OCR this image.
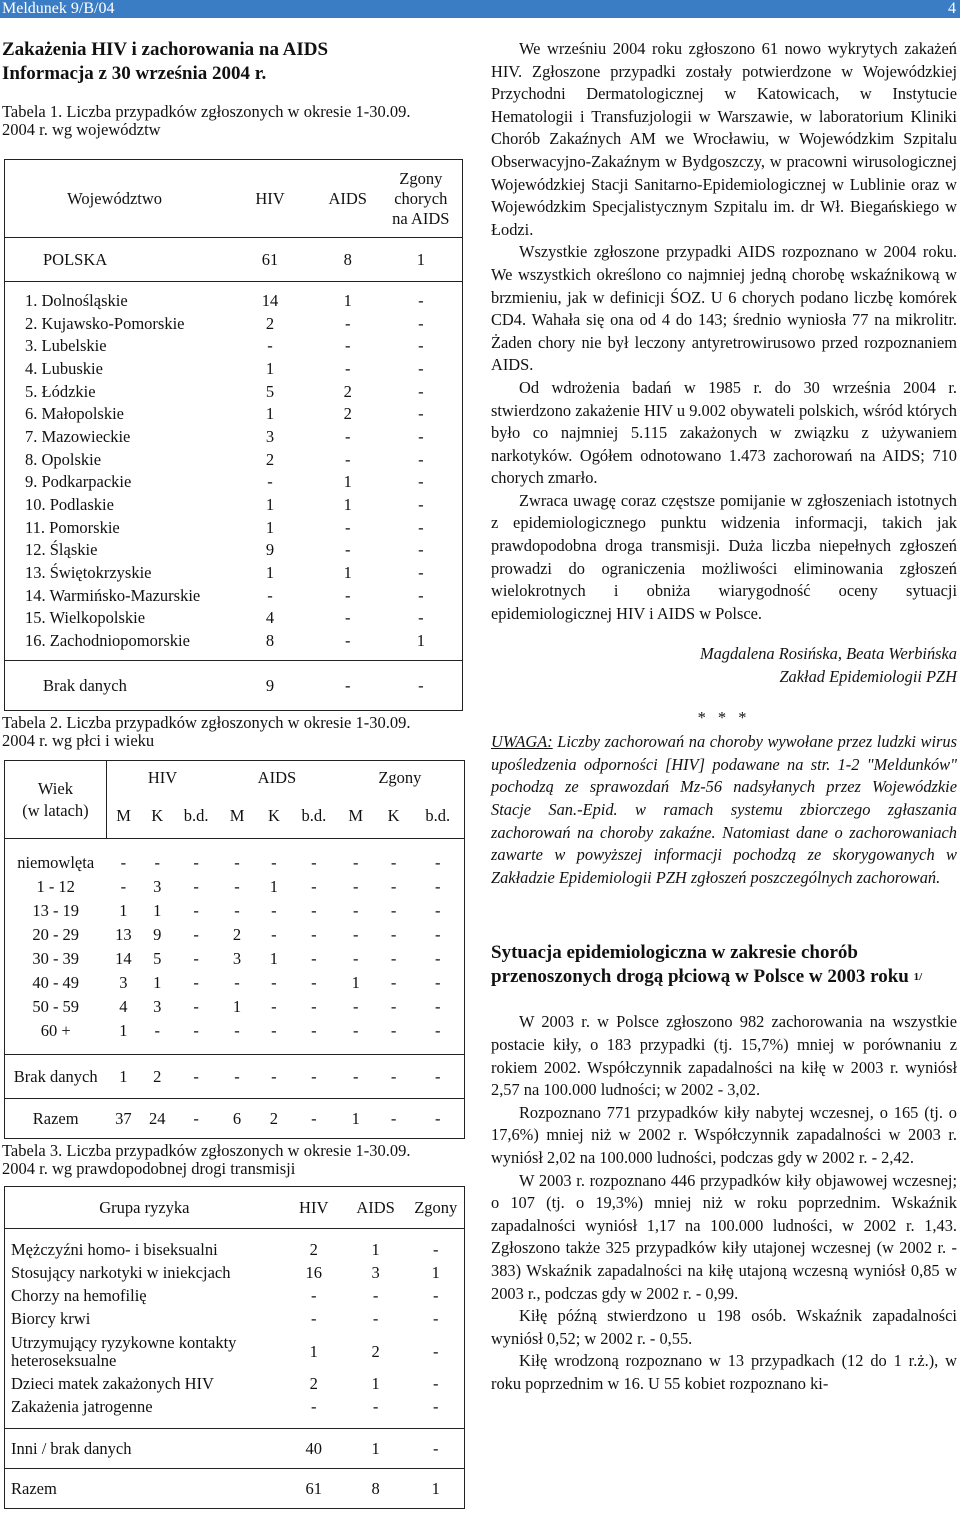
Meldunek 9/B/04	4
Zakażenia HIV i zachorowania na AIDS
Informacja z 30 września 2004 r.
Tabela 1. Liczba przypadków zgłoszonych w okresie 1-30.09.
2004 r. wg województw
Województwo	HIV	AIDS	Zgony
chorych
na AIDS
POLSKA	61	8	1

1. Dolnośląskie	14	1	-
2. Kujawsko-Pomorskie	2	-	-
3. Lubelskie	-	-	-
4. Lubuskie	1	-	-
5. Łódzkie	5	2	-
6. Małopolskie	1	2	-
7. Mazowieckie	3	-	-
8. Opolskie	2	-	-
9. Podkarpackie	-	1	-
10. Podlaskie	1	1	-
11. Pomorskie	1	-	-
12. Śląskie	9	-	-
13. Świętokrzyskie	1	1	-
14. Warmińsko-Mazurskie	-	-	-
15. Wielkopolskie	4	-	-
16. Zachodniopomorskie	8	-	1

Brak danych	9	-	-
Tabela 2. Liczba przypadków zgłoszonych w okresie 1-30.09.
2004 r. wg płci i wieku
Wiek
(w latach)	HIV			AIDS			Zgony		
	M	K	b.d.	M	K	b.d.	M	K	b.d.

niemowlęta	-	-	-	-	-	-	-	-	-
1 - 12	-	3	-	-	1	-	-	-	-
13 - 19	1	1	-	-	-	-	-	-	-
20 - 29	13	9	-	2	-	-	-	-	-
30 - 39	14	5	-	3	1	-	-	-	-
40 - 49	3	1	-	-	-	-	1	-	-
50 - 59	4	3	-	1	-	-	-	-	-
60 +	1	-	-	-	-	-	-	-	-

Brak danych	1	2	-	-	-	-	-	-	-
Razem	37	24	-	6	2	-	1	-	-
Tabela 3. Liczba przypadków zgłoszonych w okresie 1-30.09.
2004 r. wg prawdopodobnej drogi transmisji
Grupa ryzyka	HIV	AIDS	Zgony

Mężczyźni homo- i biseksualni	2	1	-
Stosujący narkotyki w iniekcjach	16	3	1
Chorzy na hemofilię	-	-	-
Biorcy krwi	-	-	-
Utrzymujący ryzykowne kontakty heteroseksualne	1	2	-
Dzieci matek zakażonych HIV	2	1	-
Zakażenia jatrogenne	-	-	-

Inni / brak danych	40	1	-
Razem	61	8	1

We wrześniu 2004 roku zgłoszono 61 nowo wykrytych zakażeń HIV. Zgłoszone przypadki zostały potwierdzone w Wojewódzkiej Przychodni Dermatologicznej w Katowicach, w Instytucie Hematologii i Transfuzjologii w Warszawie, w laboratorium Kliniki Chorób Zakaźnych AM we Wrocławiu, w Wojewódzkim Szpitalu Obserwacyjno-Zakaźnym w Bydgoszczy, w pracowni wirusologicznej Wojewódzkiej Stacji Sanitarno-Epidemiologicznej w Lublinie oraz w Wojewódzkim Specjalistycznym Szpitalu im. dr Wł. Biegańskiego w Łodzi.

Wszystkie zgłoszone przypadki AIDS rozpoznano w 2004 roku. We wszystkich określono co najmniej jedną chorobę wskaźnikową w brzmieniu, jak w definicji ŚOZ. U 6 chorych podano liczbę komórek CD4. Wahała się ona od 4 do 143; średnio wyniosła 77 na mikrolitr. Żaden chory nie był leczony antyretrowirusowo przed rozpoznaniem AIDS.

Od wdrożenia badań w 1985 r. do 30 września 2004 r. stwierdzono zakażenie HIV u 9.002 obywateli polskich, wśród których było co najmniej 5.115 zakażonych w związku z używaniem narkotyków. Ogółem odnotowano 1.473 zachorowań na AIDS; 710 chorych zmarło.

Zwraca uwagę coraz częstsze pomijanie w zgłoszeniach istotnych z epidemiologicznego punktu widzenia informacji, takich jak prawdopodobna droga transmisji. Duża liczba niepełnych zgłoszeń prowadzi do ograniczenia możliwości eliminowania zgłoszeń wielokrotnych i obniża wiarygodność oceny sytuacji epidemiologicznej HIV i AIDS w Polsce.

Magdalena Rosińska, Beata Werbińska

Zakład Epidemiologii PZH

* * *

UWAGA: Liczby zachorowań na choroby wywołane przez ludzki wirus upośledzenia odporności [HIV] podawane na str. 1-2 "Meldunków" pochodzą ze sprawozdań Mz-56 nadsyłanych przez Wojewódzkie Stacje San.-Epid. w ramach systemu zbiorczego zgłaszania zachorowań na choroby zakaźne. Natomiast dane o zachorowaniach zawarte w powyższej informacji pochodzą ze skorygowanych w Zakładzie Epidemiologii PZH zgłoszeń poszczególnych zachorowań.

Sytuacja epidemiologiczna w zakresie chorób przenoszonych drogą płciową w Polsce w 2003 roku $^{1/}$

W 2003 r. w Polsce zgłoszono 982 zachorowania na wszystkie postacie kiły, o 183 przypadki (tj. 15,7%) mniej w porównaniu z rokiem 2002. Współczynnik zapadalności na kiłę w 2003 r. wyniósł 2,57 na 100.000 ludności; w 2002 - 3,02.

Rozpoznano 771 przypadków kiły nabytej wczesnej, o 165 (tj. o 17,6%) mniej niż w 2002 r. Współczynnik zapadalności w 2003 r. wyniósł 2,02 na 100.000 ludności, podczas gdy w 2002 r. - 2,42.

W 2003 r. rozpoznano 446 przypadków kiły objawowej wczesnej; o 107 (tj. o 19,3%) mniej niż w roku poprzednim. Wskaźnik zapadalności wyniósł 1,17 na 100.000 ludności, w 2002 r. 1,43. Zgłoszono także 325 przypadków kiły utajonej wczesnej (w 2002 r. - 383) Wskaźnik zapadalności na kiłę utajoną wczesną wyniósł 0,85 w 2003 r., podczas gdy w 2002 r. - 0,99.

Kiłę późną stwierdzono u 198 osób. Wskaźnik zapadalności wyniósł 0,52; w 2002 r. - 0,55.

Kiłę wrodzoną rozpoznano w 13 przypadkach (12 do 1 r.ż.), w roku poprzednim w 16. U 55 kobiet rozpoznano ki-
